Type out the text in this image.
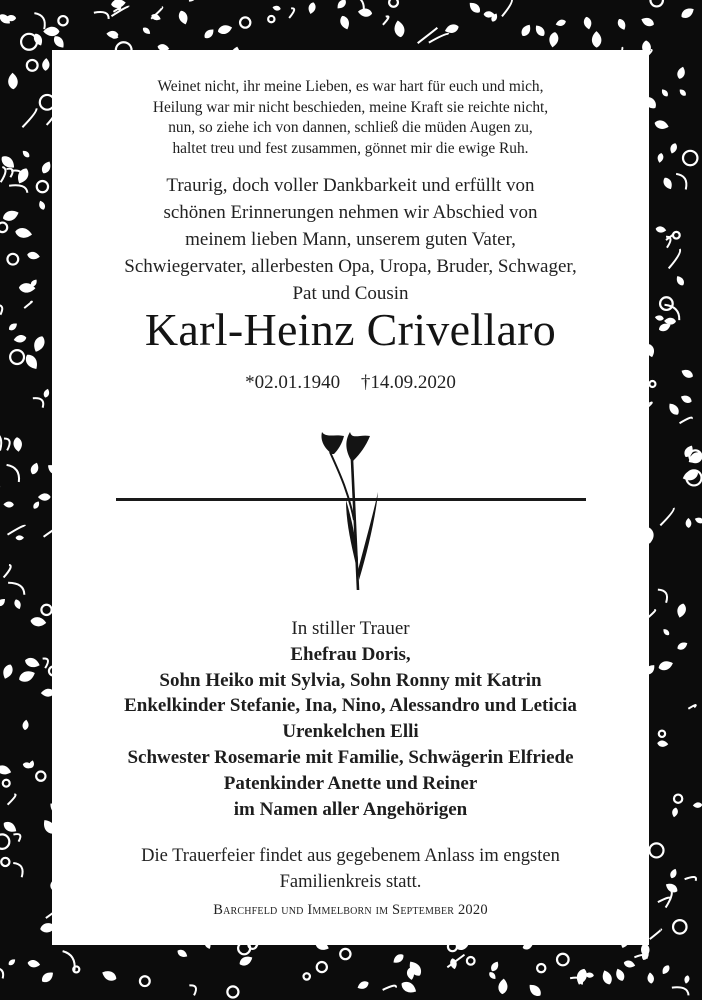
Weinet nicht, ihr meine Lieben, es war hart für euch und mich,
Heilung war mir nicht beschieden, meine Kraft sie reichte nicht,
nun, so ziehe ich von dannen, schließ die müden Augen zu,
haltet treu und fest zusammen, gönnet mir die ewige Ruh.
Traurig, doch voller Dankbarkeit und erfüllt von
schönen Erinnerungen nehmen wir Abschied von
meinem lieben Mann, unserem guten Vater,
Schwiegervater, allerbesten Opa, Uropa, Bruder, Schwager,
Pat und Cousin
Karl-Heinz Crivellaro
*02.01.1940 †14.09.2020
In stiller Trauer
Ehefrau Doris,
Sohn Heiko mit Sylvia, Sohn Ronny mit Katrin
Enkelkinder Stefanie, Ina, Nino, Alessandro und Leticia
Urenkelchen Elli
Schwester Rosemarie mit Familie, Schwägerin Elfriede
Patenkinder Anette und Reiner
im Namen aller Angehörigen
Die Trauerfeier findet aus gegebenem Anlass im engsten
Familienkreis statt.
Barchfeld und Immelborn im September 2020
